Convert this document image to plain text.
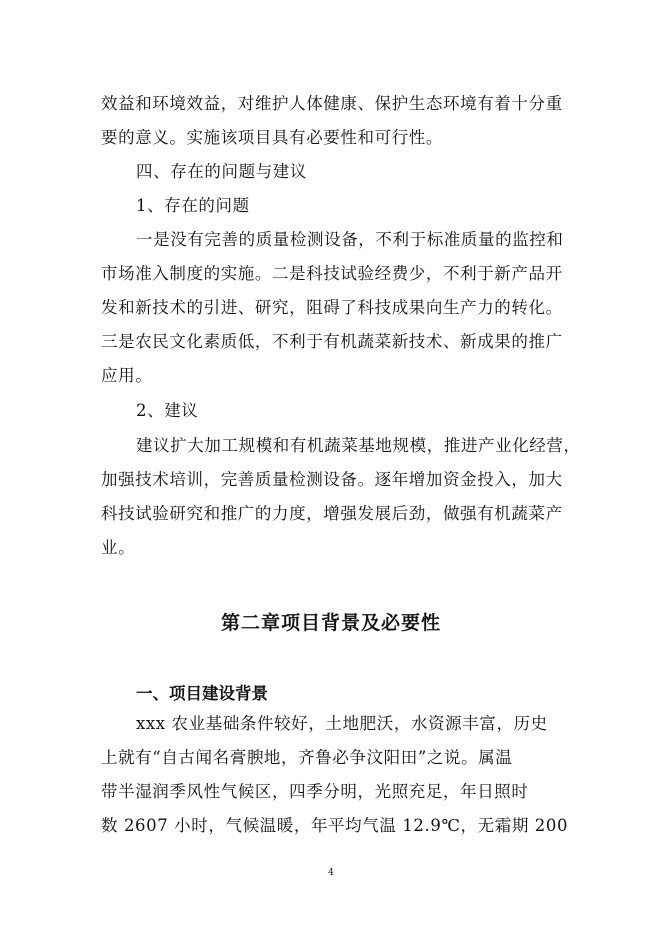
效益和环境效益，对维护人体健康、保护生态环境有着十分重
要的意义。实施该项目具有必要性和可行性。
四、存在的问题与建议
1、存在的问题
一是没有完善的质量检测设备，不利于标准质量的监控和
市场准入制度的实施。二是科技试验经费少，不利于新产品开
发和新技术的引进、研究，阻碍了科技成果向生产力的转化。
三是农民文化素质低，不利于有机蔬菜新技术、新成果的推广
应用。
2、建议
建议扩大加工规模和有机蔬菜基地规模，推进产业化经营，
加强技术培训，完善质量检测设备。逐年增加资金投入，加大
科技试验研究和推广的力度，增强发展后劲，做强有机蔬菜产
业。
第二章项目背景及必要性
一、项目建设背景
xxx 农业基础条件较好，土地肥沃，水资源丰富，历史
上就有“自古闻名膏腴地，齐鲁必争汶阳田”之说。属温
带半湿润季风性气候区，四季分明，光照充足，年日照时
数 2607 小时，气候温暖，年平均气温 12.9℃，无霜期 200
4
